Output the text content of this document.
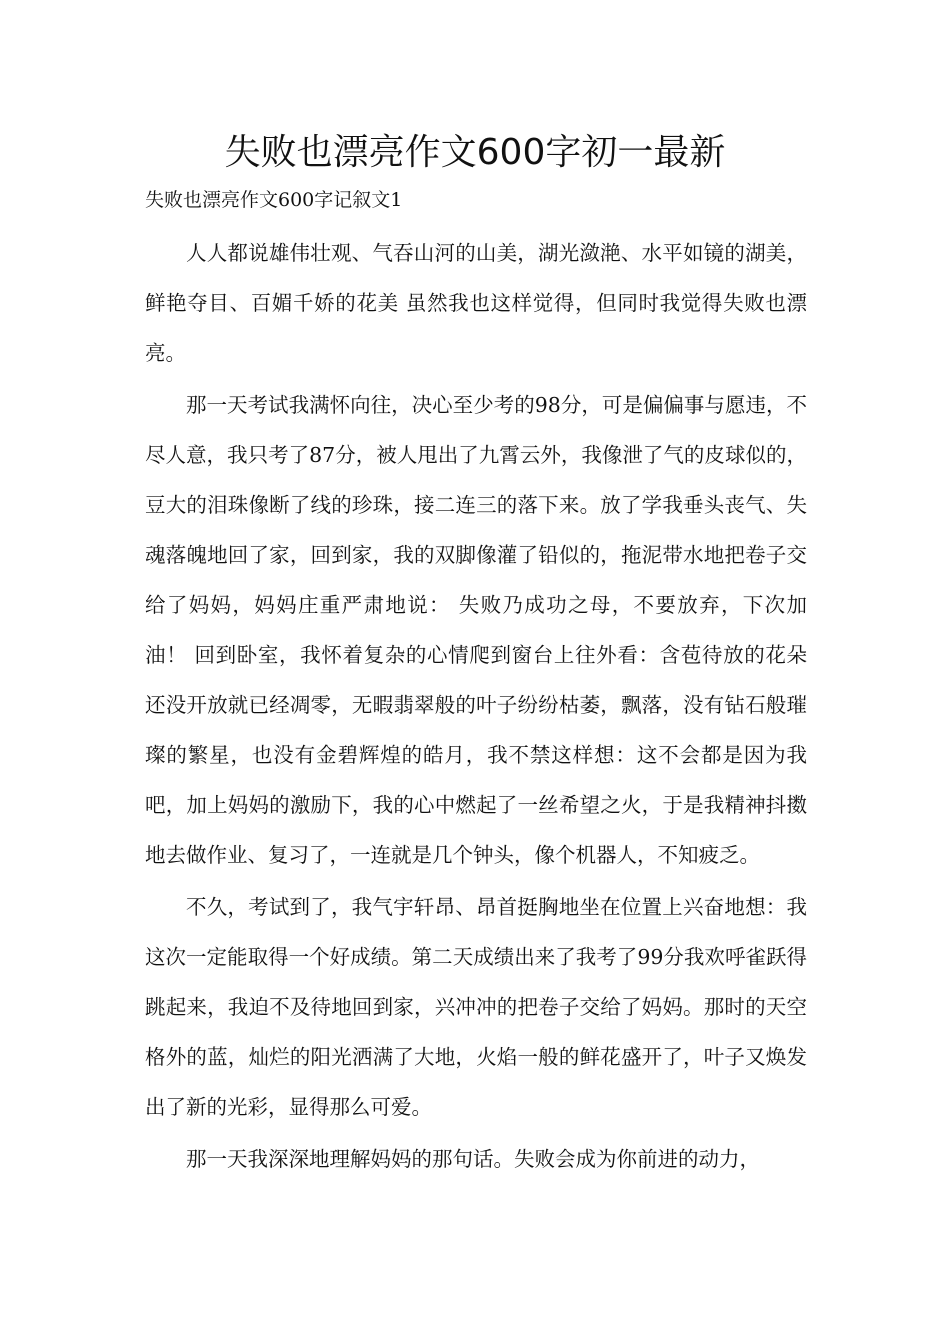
失败也漂亮作文600字初一最新
失败也漂亮作文600字记叙文1

人人都说雄伟壮观、气吞山河的山美，湖光潋滟、水平如镜的湖美，鲜艳夺目、百媚千娇的花美 虽然我也这样觉得，但同时我觉得失败也漂亮。

那一天考试我满怀向往，决心至少考的98分，可是偏偏事与愿违，不尽人意，我只考了87分，被人甩出了九霄云外，我像泄了气的皮球似的，豆大的泪珠像断了线的珍珠，接二连三的落下来。放了学我垂头丧气、失魂落魄地回了家，回到家，我的双脚像灌了铅似的，拖泥带水地把卷子交给了妈妈，妈妈庄重严肃地说： 失败乃成功之母，不要放弃，下次加油！ 回到卧室，我怀着复杂的心情爬到窗台上往外看：含苞待放的花朵还没开放就已经凋零，无暇翡翠般的叶子纷纷枯萎，飘落，没有钻石般璀璨的繁星，也没有金碧辉煌的皓月，我不禁这样想：这不会都是因为我吧，加上妈妈的激励下，我的心中燃起了一丝希望之火，于是我精神抖擞地去做作业、复习了，一连就是几个钟头，像个机器人，不知疲乏。

不久，考试到了，我气宇轩昂、昂首挺胸地坐在位置上兴奋地想：我这次一定能取得一个好成绩。第二天成绩出来了我考了99分我欢呼雀跃得跳起来，我迫不及待地回到家，兴冲冲的把卷子交给了妈妈。那时的天空格外的蓝，灿烂的阳光洒满了大地，火焰一般的鲜花盛开了，叶子又焕发出了新的光彩，显得那么可爱。

那一天我深深地理解妈妈的那句话。失败会成为你前进的动力，
